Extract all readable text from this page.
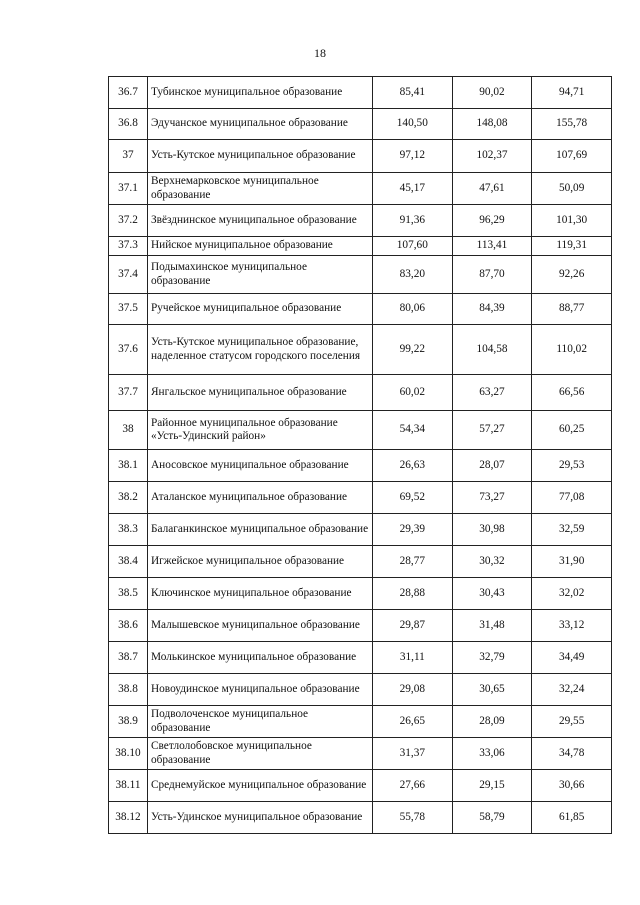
18
36.7	Тубинское муниципальное образование	85,41	90,02	94,71
36.8	Эдучанское муниципальное образование	140,50	148,08	155,78
37	Усть-Кутское муниципальное образование	97,12	102,37	107,69
37.1	Верхнемарковское муниципальное образование	45,17	47,61	50,09
37.2	Звёзднинское муниципальное образование	91,36	96,29	101,30
37.3	Нийское муниципальное образование	107,60	113,41	119,31
37.4	Подымахинское муниципальное образование	83,20	87,70	92,26
37.5	Ручейское муниципальное образование	80,06	84,39	88,77
37.6	Усть-Кутское муниципальное образование, наделенное статусом городского поселения	99,22	104,58	110,02
37.7	Янгальское муниципальное образование	60,02	63,27	66,56
38	Районное муниципальное образование «Усть-Удинский район»	54,34	57,27	60,25
38.1	Аносовское муниципальное образование	26,63	28,07	29,53
38.2	Аталанское муниципальное образование	69,52	73,27	77,08
38.3	Балаганкинское муниципальное образование	29,39	30,98	32,59
38.4	Игжейское муниципальное образование	28,77	30,32	31,90
38.5	Ключинское муниципальное образование	28,88	30,43	32,02
38.6	Малышевское муниципальное образование	29,87	31,48	33,12
38.7	Молькинское муниципальное образование	31,11	32,79	34,49
38.8	Новоудинское муниципальное образование	29,08	30,65	32,24
38.9	Подволоченское муниципальное образование	26,65	28,09	29,55
38.10	Светлолобовское муниципальное образование	31,37	33,06	34,78
38.11	Среднемуйское муниципальное образование	27,66	29,15	30,66
38.12	Усть-Удинское муниципальное образование	55,78	58,79	61,85
